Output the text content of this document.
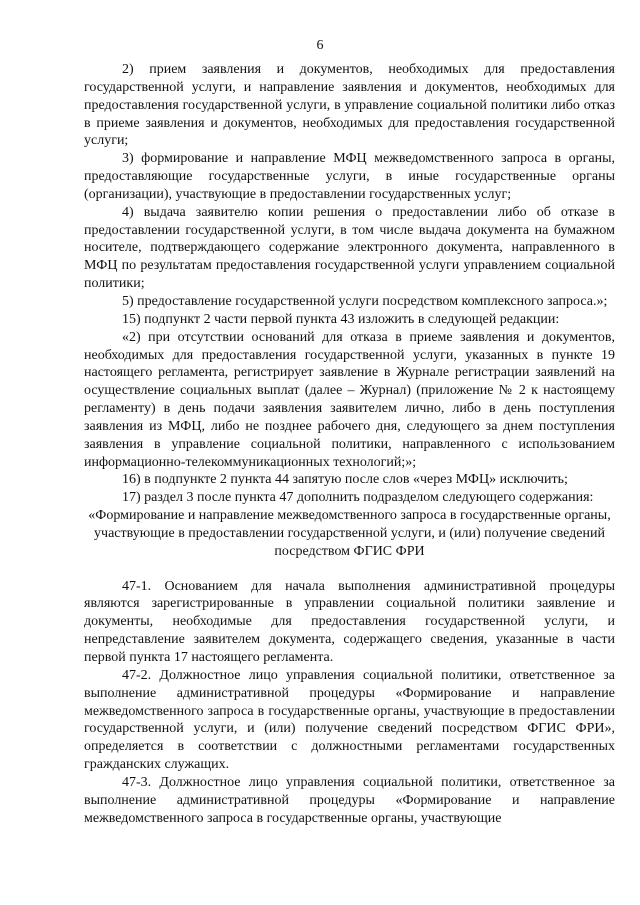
6

2) прием заявления и документов, необходимых для предоставления государственной услуги, и направление заявления и документов, необходимых для предоставления государственной услуги, в управление социальной политики либо отказ в приеме заявления и документов, необходимых для предоставления государственной услуги;

3) формирование и направление МФЦ межведомственного запроса в органы, предоставляющие государственные услуги, в иные государственные органы (организации), участвующие в предоставлении государственных услуг;

4) выдача заявителю копии решения о предоставлении либо об отказе в предоставлении государственной услуги, в том числе выдача документа на бумажном носителе, подтверждающего содержание электронного документа, направленного в МФЦ по результатам предоставления государственной услуги управлением социальной политики;

5) предоставление государственной услуги посредством комплексного запроса.»;

15) подпункт 2 части первой пункта 43 изложить в следующей редакции:

«2) при отсутствии оснований для отказа в приеме заявления и документов, необходимых для предоставления государственной услуги, указанных в пункте 19 настоящего регламента, регистрирует заявление в Журнале регистрации заявлений на осуществление социальных выплат (далее – Журнал) (приложение № 2 к настоящему регламенту) в день подачи заявления заявителем лично, либо в день поступления заявления из МФЦ, либо не позднее рабочего дня, следующего за днем поступления заявления в управление социальной политики, направленного с использованием информационно-телекоммуникационных технологий;»;

16) в подпункте 2 пункта 44 запятую после слов «через МФЦ» исключить;

17) раздел 3 после пункта 47 дополнить подразделом следующего содержания:

«Формирование и направление межведомственного запроса в государственные органы, участвующие в предоставлении государственной услуги, и (или) получение сведений посредством ФГИС ФРИ

47-1. Основанием для начала выполнения административной процедуры являются зарегистрированные в управлении социальной политики заявление и документы, необходимые для предоставления государственной услуги, и непредставление заявителем документа, содержащего сведения, указанные в части первой пункта 17 настоящего регламента.

47-2. Должностное лицо управления социальной политики, ответственное за выполнение административной процедуры «Формирование и направление межведомственного запроса в государственные органы, участвующие в предоставлении государственной услуги, и (или) получение сведений посредством ФГИС ФРИ», определяется в соответствии с должностными регламентами государственных гражданских служащих.

47-3. Должностное лицо управления социальной политики, ответственное за выполнение административной процедуры «Формирование и направление межведомственного запроса в государственные органы, участвующие
